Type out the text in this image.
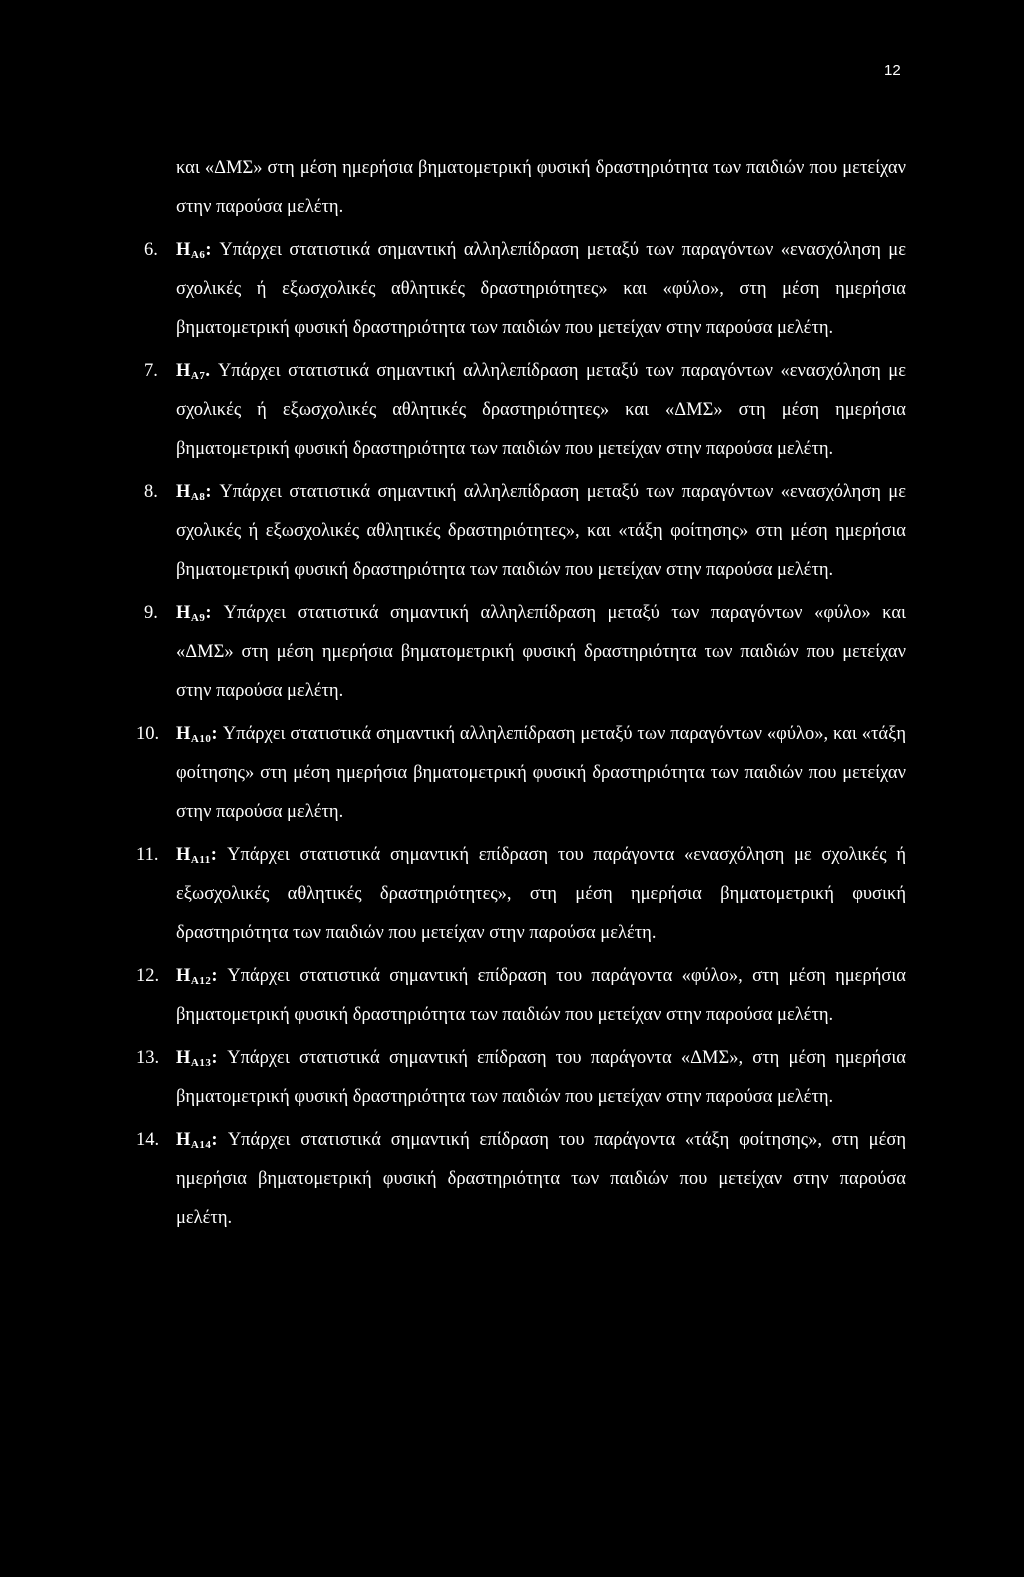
12

και «ΔΜΣ» στη μέση ημερήσια βηματομετρική φυσική δραστηριότητα των παιδιών που μετείχαν στην παρούσα μελέτη.

6. $H_{A6}$: Υπάρχει στατιστικά σημαντική αλληλεπίδραση μεταξύ των παραγόντων «ενασχόληση με σχολικές ή εξωσχολικές αθλητικές δραστηριότητες» και «φύλο», στη μέση ημερήσια βηματομετρική φυσική δραστηριότητα των παιδιών που μετείχαν στην παρούσα μελέτη.
7. $H_{A7}$. Υπάρχει στατιστικά σημαντική αλληλεπίδραση μεταξύ των παραγόντων «ενασχόληση με σχολικές ή εξωσχολικές αθλητικές δραστηριότητες» και «ΔΜΣ» στη μέση ημερήσια βηματομετρική φυσική δραστηριότητα των παιδιών που μετείχαν στην παρούσα μελέτη.
8. $H_{A8}$: Υπάρχει στατιστικά σημαντική αλληλεπίδραση μεταξύ των παραγόντων «ενασχόληση με σχολικές ή εξωσχολικές αθλητικές δραστηριότητες», και «τάξη φοίτησης» στη μέση ημερήσια βηματομετρική φυσική δραστηριότητα των παιδιών που μετείχαν στην παρούσα μελέτη.
9. $H_{A9}$: Υπάρχει στατιστικά σημαντική αλληλεπίδραση μεταξύ των παραγόντων «φύλο» και «ΔΜΣ» στη μέση ημερήσια βηματομετρική φυσική δραστηριότητα των παιδιών που μετείχαν στην παρούσα μελέτη.
10. $H_{A10}$: Υπάρχει στατιστικά σημαντική αλληλεπίδραση μεταξύ των παραγόντων «φύλο», και «τάξη φοίτησης» στη μέση ημερήσια βηματομετρική φυσική δραστηριότητα των παιδιών που μετείχαν στην παρούσα μελέτη.
11. $H_{A11}$: Υπάρχει στατιστικά σημαντική επίδραση του παράγοντα «ενασχόληση με σχολικές ή εξωσχολικές αθλητικές δραστηριότητες», στη μέση ημερήσια βηματομετρική φυσική δραστηριότητα των παιδιών που μετείχαν στην παρούσα μελέτη.
12. $H_{A12}$: Υπάρχει στατιστικά σημαντική επίδραση του παράγοντα «φύλο», στη μέση ημερήσια βηματομετρική φυσική δραστηριότητα των παιδιών που μετείχαν στην παρούσα μελέτη.
13. $H_{A13}$: Υπάρχει στατιστικά σημαντική επίδραση του παράγοντα «ΔΜΣ», στη μέση ημερήσια βηματομετρική φυσική δραστηριότητα των παιδιών που μετείχαν στην παρούσα μελέτη.
14. $H_{A14}$: Υπάρχει στατιστικά σημαντική επίδραση του παράγοντα «τάξη φοίτησης», στη μέση ημερήσια βηματομετρική φυσική δραστηριότητα των παιδιών που μετείχαν στην παρούσα μελέτη.
